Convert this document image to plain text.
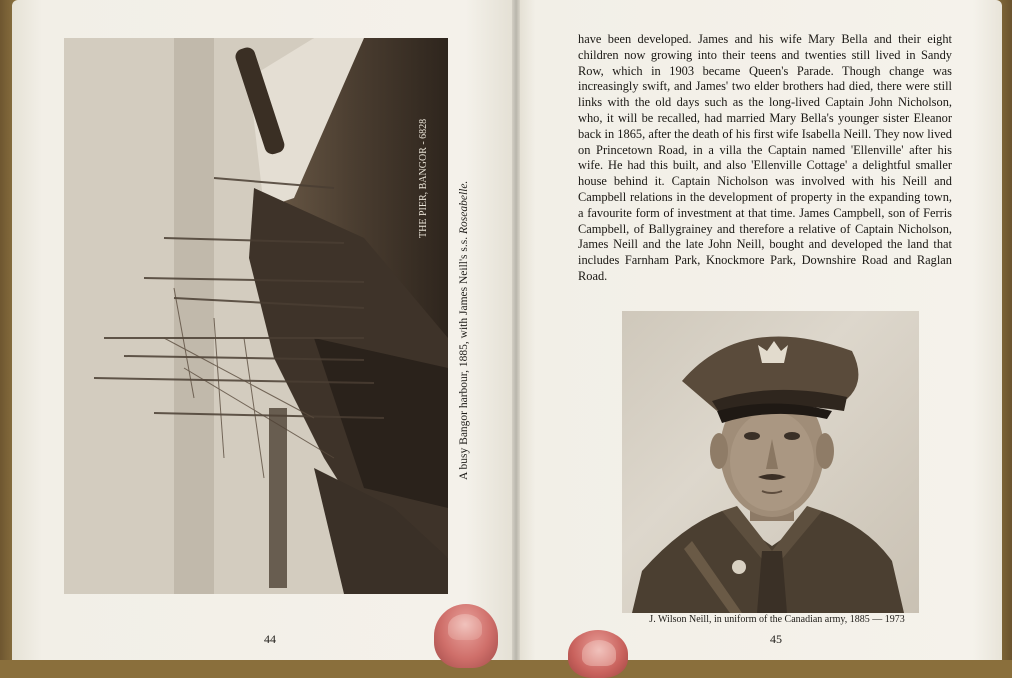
THE PIER, BANGOR - 6828
A busy Bangor harbour, 1885, with James Neill's s.s. Roseabelle.
44
have been developed. James and his wife Mary Bella and their eight children now growing into their teens and twenties still lived in Sandy Row, which in 1903 became Queen's Parade. Though change was increasingly swift, and James' two elder brothers had died, there were still links with the old days such as the long-lived Captain John Nicholson, who, it will be recalled, had married Mary Bella's younger sister Eleanor back in 1865, after the death of his first wife Isabella Neill. They now lived on Princetown Road, in a villa the Captain named 'Ellenville' after his wife. He had this built, and also 'Ellenville Cottage' a delightful smaller house behind it. Captain Nicholson was involved with his Neill and Campbell relations in the development of property in the expanding town, a favourite form of investment at that time. James Campbell, son of Ferris Campbell, of Ballygrainey and therefore a relative of Captain Nicholson, James Neill and the late John Neill, bought and developed the land that includes Farnham Park, Knockmore Park, Downshire Road and Raglan Road.
J. Wilson Neill, in uniform of the Canadian army, 1885 — 1973
45
